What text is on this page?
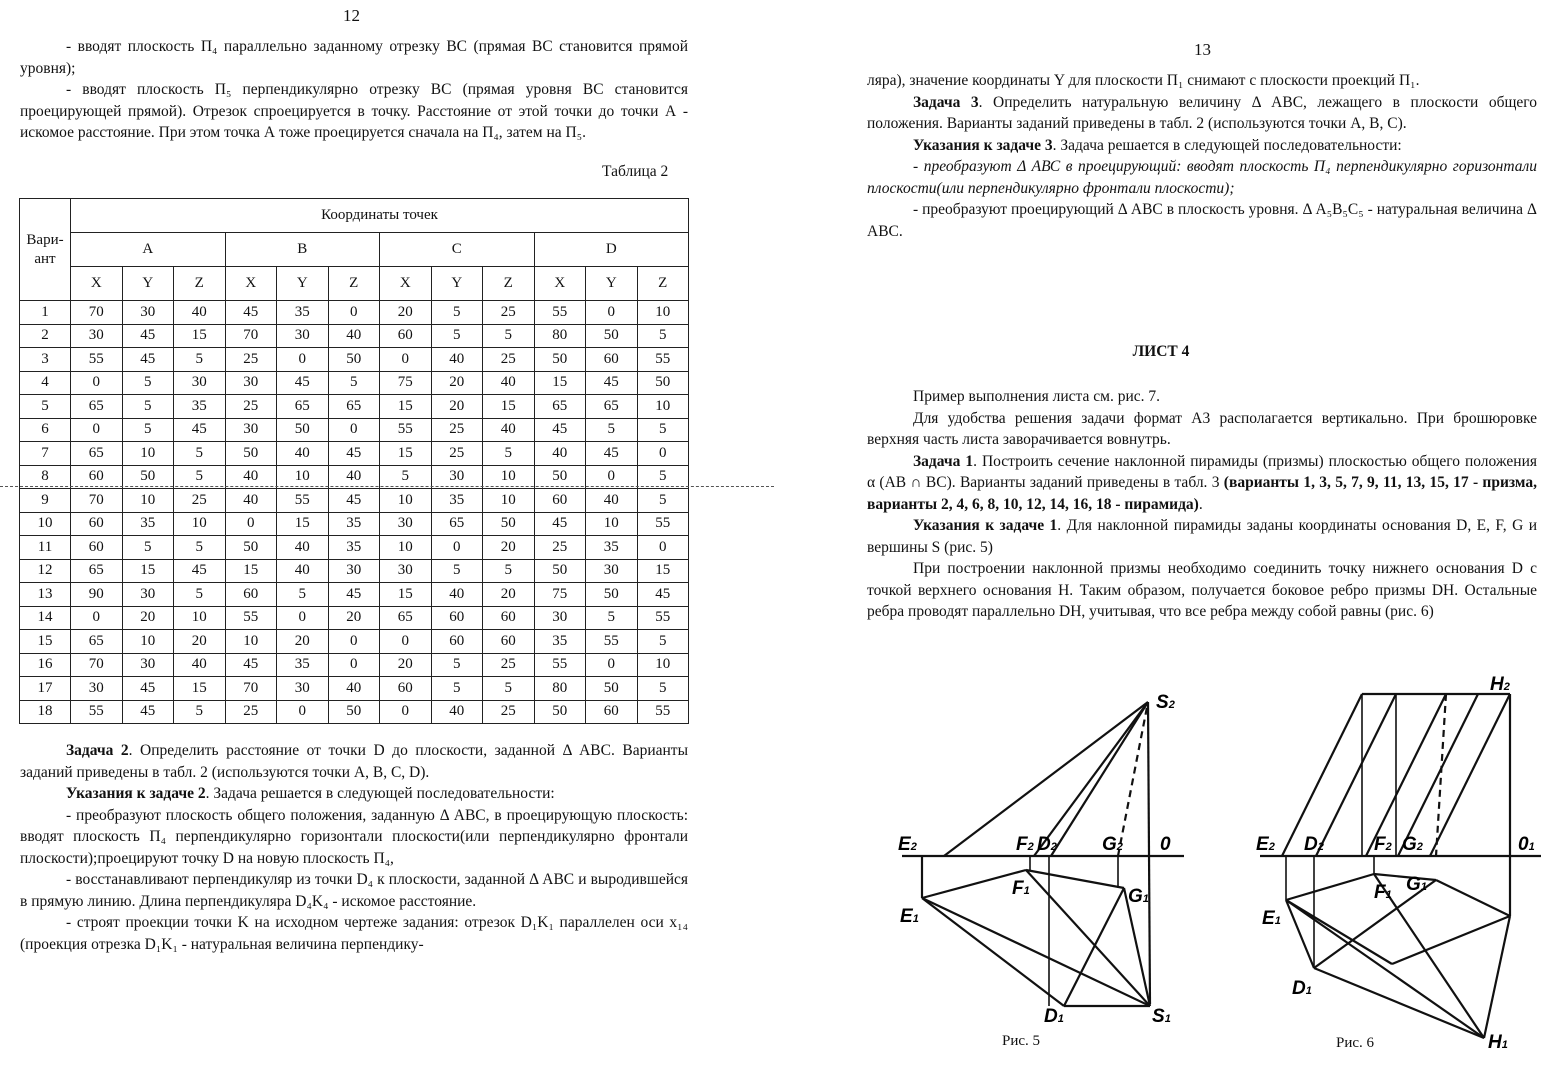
12

- вводят плоскость П₄ параллельно заданному отрезку ВС (прямая ВС становится прямой уровня);

- вводят плоскость П₅ перпендикулярно отрезку ВС (прямая уровня ВС становится проецирующей прямой). Отрезок спроецируется в точку. Расстояние от этой точки до точки А - искомое расстояние. При этом точка А тоже проецируется сначала на П₄, затем на П₅.

Таблица 2
Вари- ант	Координаты точек											
	A			B			C			D		
	X	Y	Z	X	Y	Z	X	Y	Z	X	Y	Z
1	70	30	40	45	35	0	20	5	25	55	0	10
2	30	45	15	70	30	40	60	5	5	80	50	5
3	55	45	5	25	0	50	0	40	25	50	60	55
4	0	5	30	30	45	5	75	20	40	15	45	50
5	65	5	35	25	65	65	15	20	15	65	65	10
6	0	5	45	30	50	0	55	25	40	45	5	5
7	65	10	5	50	40	45	15	25	5	40	45	0
8	60	50	5	40	10	40	5	30	10	50	0	5
9	70	10	25	40	55	45	10	35	10	60	40	5
10	60	35	10	0	15	35	30	65	50	45	10	55
11	60	5	5	50	40	35	10	0	20	25	35	0
12	65	15	45	15	40	30	30	5	5	50	30	15
13	90	30	5	60	5	45	15	40	20	75	50	45
14	0	20	10	55	0	20	65	60	60	30	5	55
15	65	10	20	10	20	0	0	60	60	35	55	5
16	70	30	40	45	35	0	20	5	25	55	0	10
17	30	45	15	70	30	40	60	5	5	80	50	5
18	55	45	5	25	0	50	0	40	25	50	60	55

Задача 2. Определить расстояние от точки D до плоскости, заданной Δ АВС. Варианты заданий приведены в табл. 2 (используются точки А, В, С, D).

Указания к задаче 2. Задача решается в следующей последовательности:

- преобразуют плоскость общего положения, заданную Δ АВС, в проецирующую плоскость: вводят плоскость П₄ перпендикулярно горизонтали плоскости(или перпендикулярно фронтали плоскости);проецируют точку D на новую плоскость П₄,

- восстанавливают перпендикуляр из точки D₄ к плоскости, заданной Δ АВС и выродившейся в прямую линию. Длина перпендикуляра D₄K₄ - искомое расстояние.

- строят проекции точки K на исходном чертеже задания: отрезок D₁K₁ параллелен оси x₁₄ (проекция отрезка D₁K₁ - натуральная величина перпендику-

13

ляра), значение координаты Y для плоскости П₁ снимают с плоскости проекций П₁.

Задача 3. Определить натуральную величину Δ АВС, лежащего в плоскости общего положения. Варианты заданий приведены в табл. 2 (используются точки А, В, С).

Указания к задаче 3. Задача решается в следующей последовательности:

- преобразуют Δ АВС в проецирующий: вводят плоскость П₄ перпендикулярно горизонтали плоскости(или перпендикулярно фронтали плоскости);

- преобразуют проецирующий Δ АВС в плоскость уровня. Δ А₅В₅С₅ - натуральная величина Δ АВС.

ЛИСТ 4

Пример выполнения листа см. рис. 7.

Для удобства решения задачи формат А3 располагается вертикально. При брошюровке верхняя часть листа заворачивается вовнутрь.

Задача 1. Построить сечение наклонной пирамиды (призмы) плоскостью общего положения α (АВ ∩ ВС). Варианты заданий приведены в табл. 3 (варианты 1, 3, 5, 7, 9, 11, 13, 15, 17 - призма, варианты 2, 4, 6, 8, 10, 12, 14, 16, 18 - пирамида).

Указания к задаче 1. Для наклонной пирамиды заданы координаты основания D, E, F, G и вершины S (рис. 5)

При построении наклонной призмы необходимо соединить точку нижнего основания D с точкой верхнего основания H. Таким образом, получается боковое ребро призмы DH. Остальные ребра проводят параллельно DH, учитывая, что все ребра между собой равны (рис. 6)

S2
E2	F2 D2 G2 0
F1	G1
E1
D1	S1
Рис. 5
H2
E2 D2	F2 G2	01
F1 G1
E1
D1
H1
Рис. 6
